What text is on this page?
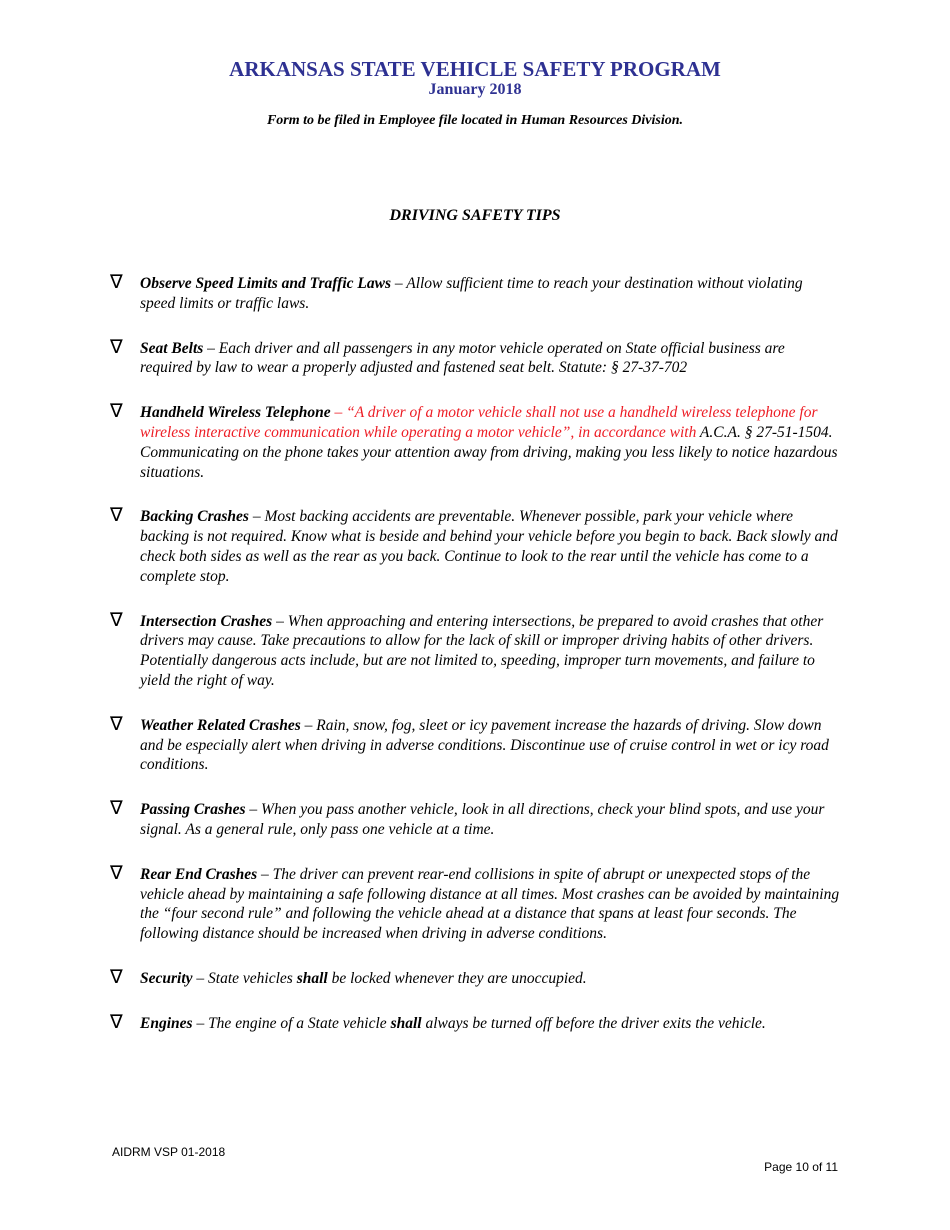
ARKANSAS STATE VEHICLE SAFETY PROGRAM
January 2018
Form to be filed in Employee file located in Human Resources Division.
DRIVING SAFETY TIPS
∇ Observe Speed Limits and Traffic Laws – Allow sufficient time to reach your destination without violating speed limits or traffic laws.
∇ Seat Belts – Each driver and all passengers in any motor vehicle operated on State official business are required by law to wear a properly adjusted and fastened seat belt. Statute: § 27-37-702
∇ Handheld Wireless Telephone – “A driver of a motor vehicle shall not use a handheld wireless telephone for wireless interactive communication while operating a motor vehicle”, in accordance with A.C.A. § 27-51-1504. Communicating on the phone takes your attention away from driving, making you less likely to notice hazardous situations.
∇ Backing Crashes – Most backing accidents are preventable. Whenever possible, park your vehicle where backing is not required. Know what is beside and behind your vehicle before you begin to back. Back slowly and check both sides as well as the rear as you back. Continue to look to the rear until the vehicle has come to a complete stop.
∇ Intersection Crashes – When approaching and entering intersections, be prepared to avoid crashes that other drivers may cause. Take precautions to allow for the lack of skill or improper driving habits of other drivers. Potentially dangerous acts include, but are not limited to, speeding, improper turn movements, and failure to yield the right of way.
∇ Weather Related Crashes – Rain, snow, fog, sleet or icy pavement increase the hazards of driving. Slow down and be especially alert when driving in adverse conditions. Discontinue use of cruise control in wet or icy road conditions.
∇ Passing Crashes – When you pass another vehicle, look in all directions, check your blind spots, and use your signal. As a general rule, only pass one vehicle at a time.
∇ Rear End Crashes – The driver can prevent rear-end collisions in spite of abrupt or unexpected stops of the vehicle ahead by maintaining a safe following distance at all times. Most crashes can be avoided by maintaining the “four second rule” and following the vehicle ahead at a distance that spans at least four seconds. The following distance should be increased when driving in adverse conditions.
∇ Security – State vehicles shall be locked whenever they are unoccupied.
∇ Engines – The engine of a State vehicle shall always be turned off before the driver exits the vehicle.
AIDRM VSP 01-2018
Page 10 of 11
